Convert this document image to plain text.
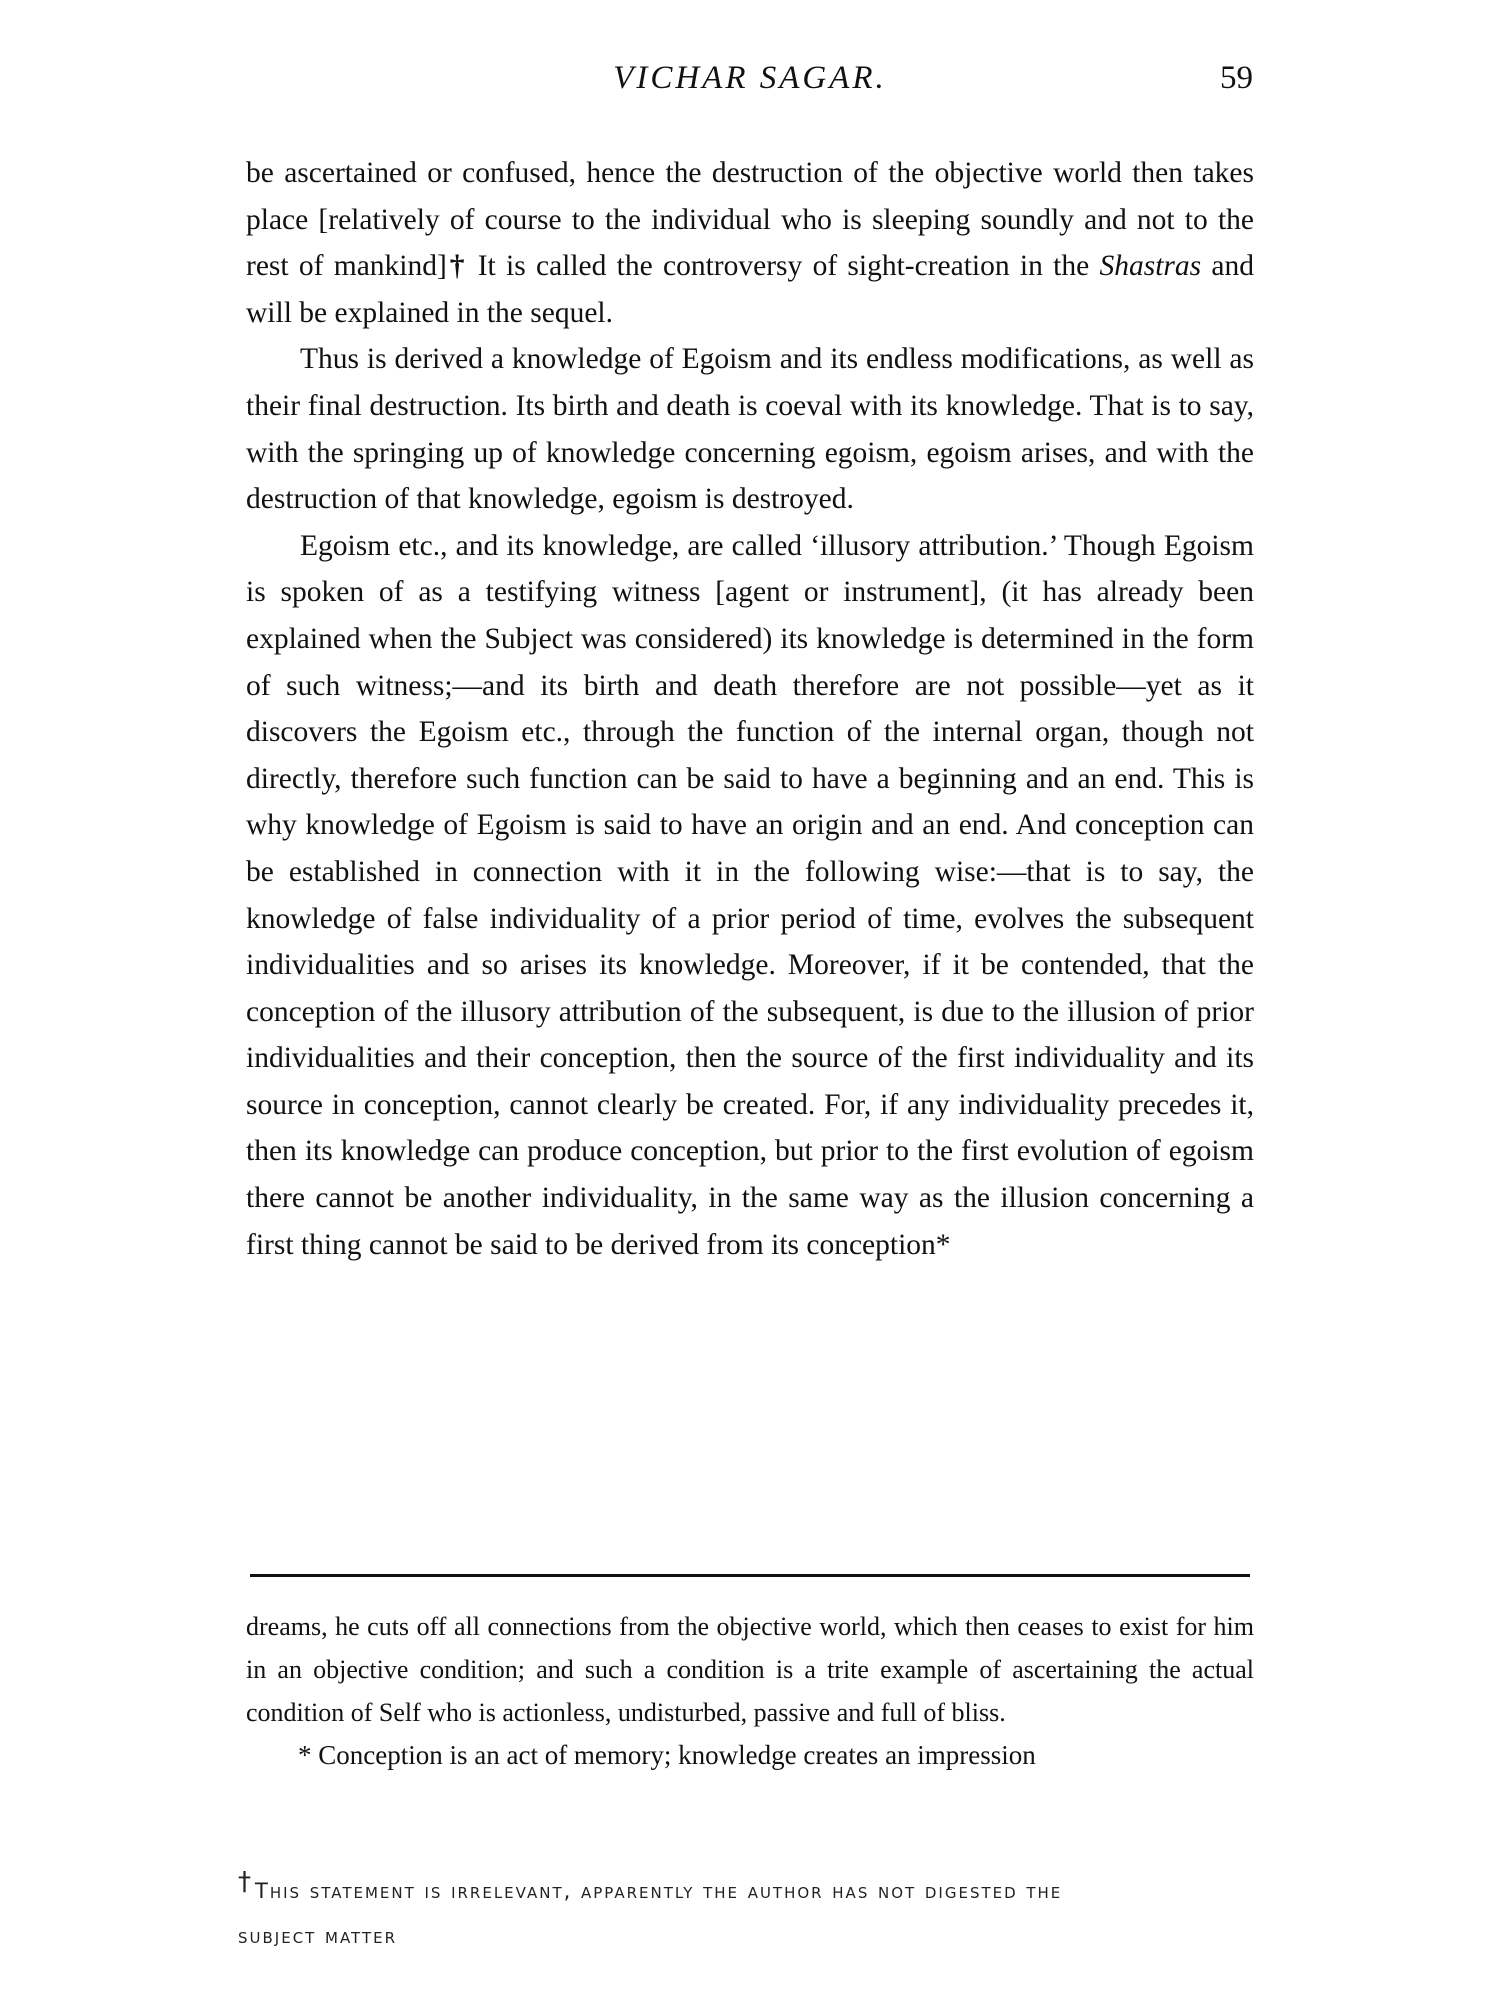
VICHAR SAGAR.	59

be ascertained or confused, hence the destruction of the objective world then takes place [relatively of course to the individual who is sleeping soundly and not to the rest of mankind]† It is called the controversy of sight-creation in the Shastras and will be explained in the sequel.

Thus is derived a knowledge of Egoism and its endless modifications, as well as their final destruction. Its birth and death is coeval with its knowledge. That is to say, with the springing up of knowledge concerning egoism, egoism arises, and with the destruction of that knowledge, egoism is destroyed.

Egoism etc., and its knowledge, are called ‘illusory attribution.’ Though Egoism is spoken of as a testifying witness [agent or instrument], (it has already been explained when the Subject was considered) its knowledge is determined in the form of such witness;—and its birth and death therefore are not possible—yet as it discovers the Egoism etc., through the function of the internal organ, though not directly, therefore such function can be said to have a beginning and an end. This is why knowledge of Egoism is said to have an origin and an end. And conception can be established in connection with it in the following wise:—that is to say, the knowledge of false individuality of a prior period of time, evolves the subsequent individualities and so arises its knowledge. Moreover, if it be contended, that the conception of the illusory attribution of the subsequent, is due to the illusion of prior individualities and their conception, then the source of the first individuality and its source in conception, cannot clearly be created. For, if any individuality precedes it, then its knowledge can produce conception, but prior to the first evolution of egoism there cannot be another individuality, in the same way as the illusion concerning a first thing cannot be said to be derived from its conception*

dreams, he cuts off all connections from the objective world, which then ceases to exist for him in an objective condition; and such a condition is a trite example of ascertaining the actual condition of Self who is actionless, undisturbed, passive and full of bliss.

* Conception is an act of memory; knowledge creates an impression

†This statement is irrelevant, apparently the author has not digested the
subject matter
